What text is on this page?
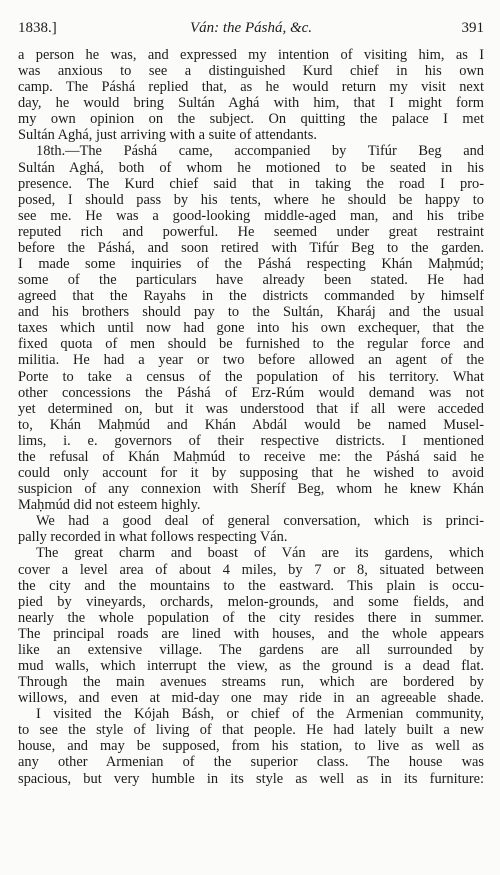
1838.]	Ván: the Páshá, &c.	391
a person he was, and expressed my intention of visiting him, as I
was anxious to see a distinguished Kurd chief in his own
camp. The Páshá replied that, as he would return my visit next
day, he would bring Sultán Aghá with him, that I might form
my own opinion on the subject. On quitting the palace I met
Sultán Aghá, just arriving with a suite of attendants.
18th.—The Páshá came, accompanied by Tifúr Beg and
Sultán Aghá, both of whom he motioned to be seated in his
presence. The Kurd chief said that in taking the road I pro-
posed, I should pass by his tents, where he should be happy to
see me. He was a good-looking middle-aged man, and his tribe
reputed rich and powerful. He seemed under great restraint
before the Páshá, and soon retired with Tifúr Beg to the garden.
I made some inquiries of the Páshá respecting Khán Maḥmúd;
some of the particulars have already been stated. He had
agreed that the Rayahs in the districts commanded by himself
and his brothers should pay to the Sultán, Kharáj and the usual
taxes which until now had gone into his own exchequer, that the
fixed quota of men should be furnished to the regular force and
militia. He had a year or two before allowed an agent of the
Porte to take a census of the population of his territory. What
other concessions the Páshá of Erz-Rúm would demand was not
yet determined on, but it was understood that if all were acceded
to, Khán Maḥmúd and Khán Abdál would be named Musel-
lims, i. e. governors of their respective districts. I mentioned
the refusal of Khán Maḥmúd to receive me: the Páshá said he
could only account for it by supposing that he wished to avoid
suspicion of any connexion with Sheríf Beg, whom he knew Khán
Maḥmúd did not esteem highly.
We had a good deal of general conversation, which is princi-
pally recorded in what follows respecting Ván.
The great charm and boast of Ván are its gardens, which
cover a level area of about 4 miles, by 7 or 8, situated between
the city and the mountains to the eastward. This plain is occu-
pied by vineyards, orchards, melon-grounds, and some fields, and
nearly the whole population of the city resides there in summer.
The principal roads are lined with houses, and the whole appears
like an extensive village. The gardens are all surrounded by
mud walls, which interrupt the view, as the ground is a dead flat.
Through the main avenues streams run, which are bordered by
willows, and even at mid-day one may ride in an agreeable shade.
I visited the Kójah Básh, or chief of the Armenian community,
to see the style of living of that people. He had lately built a new
house, and may be supposed, from his station, to live as well as
any other Armenian of the superior class. The house was
spacious, but very humble in its style as well as in its furniture:
